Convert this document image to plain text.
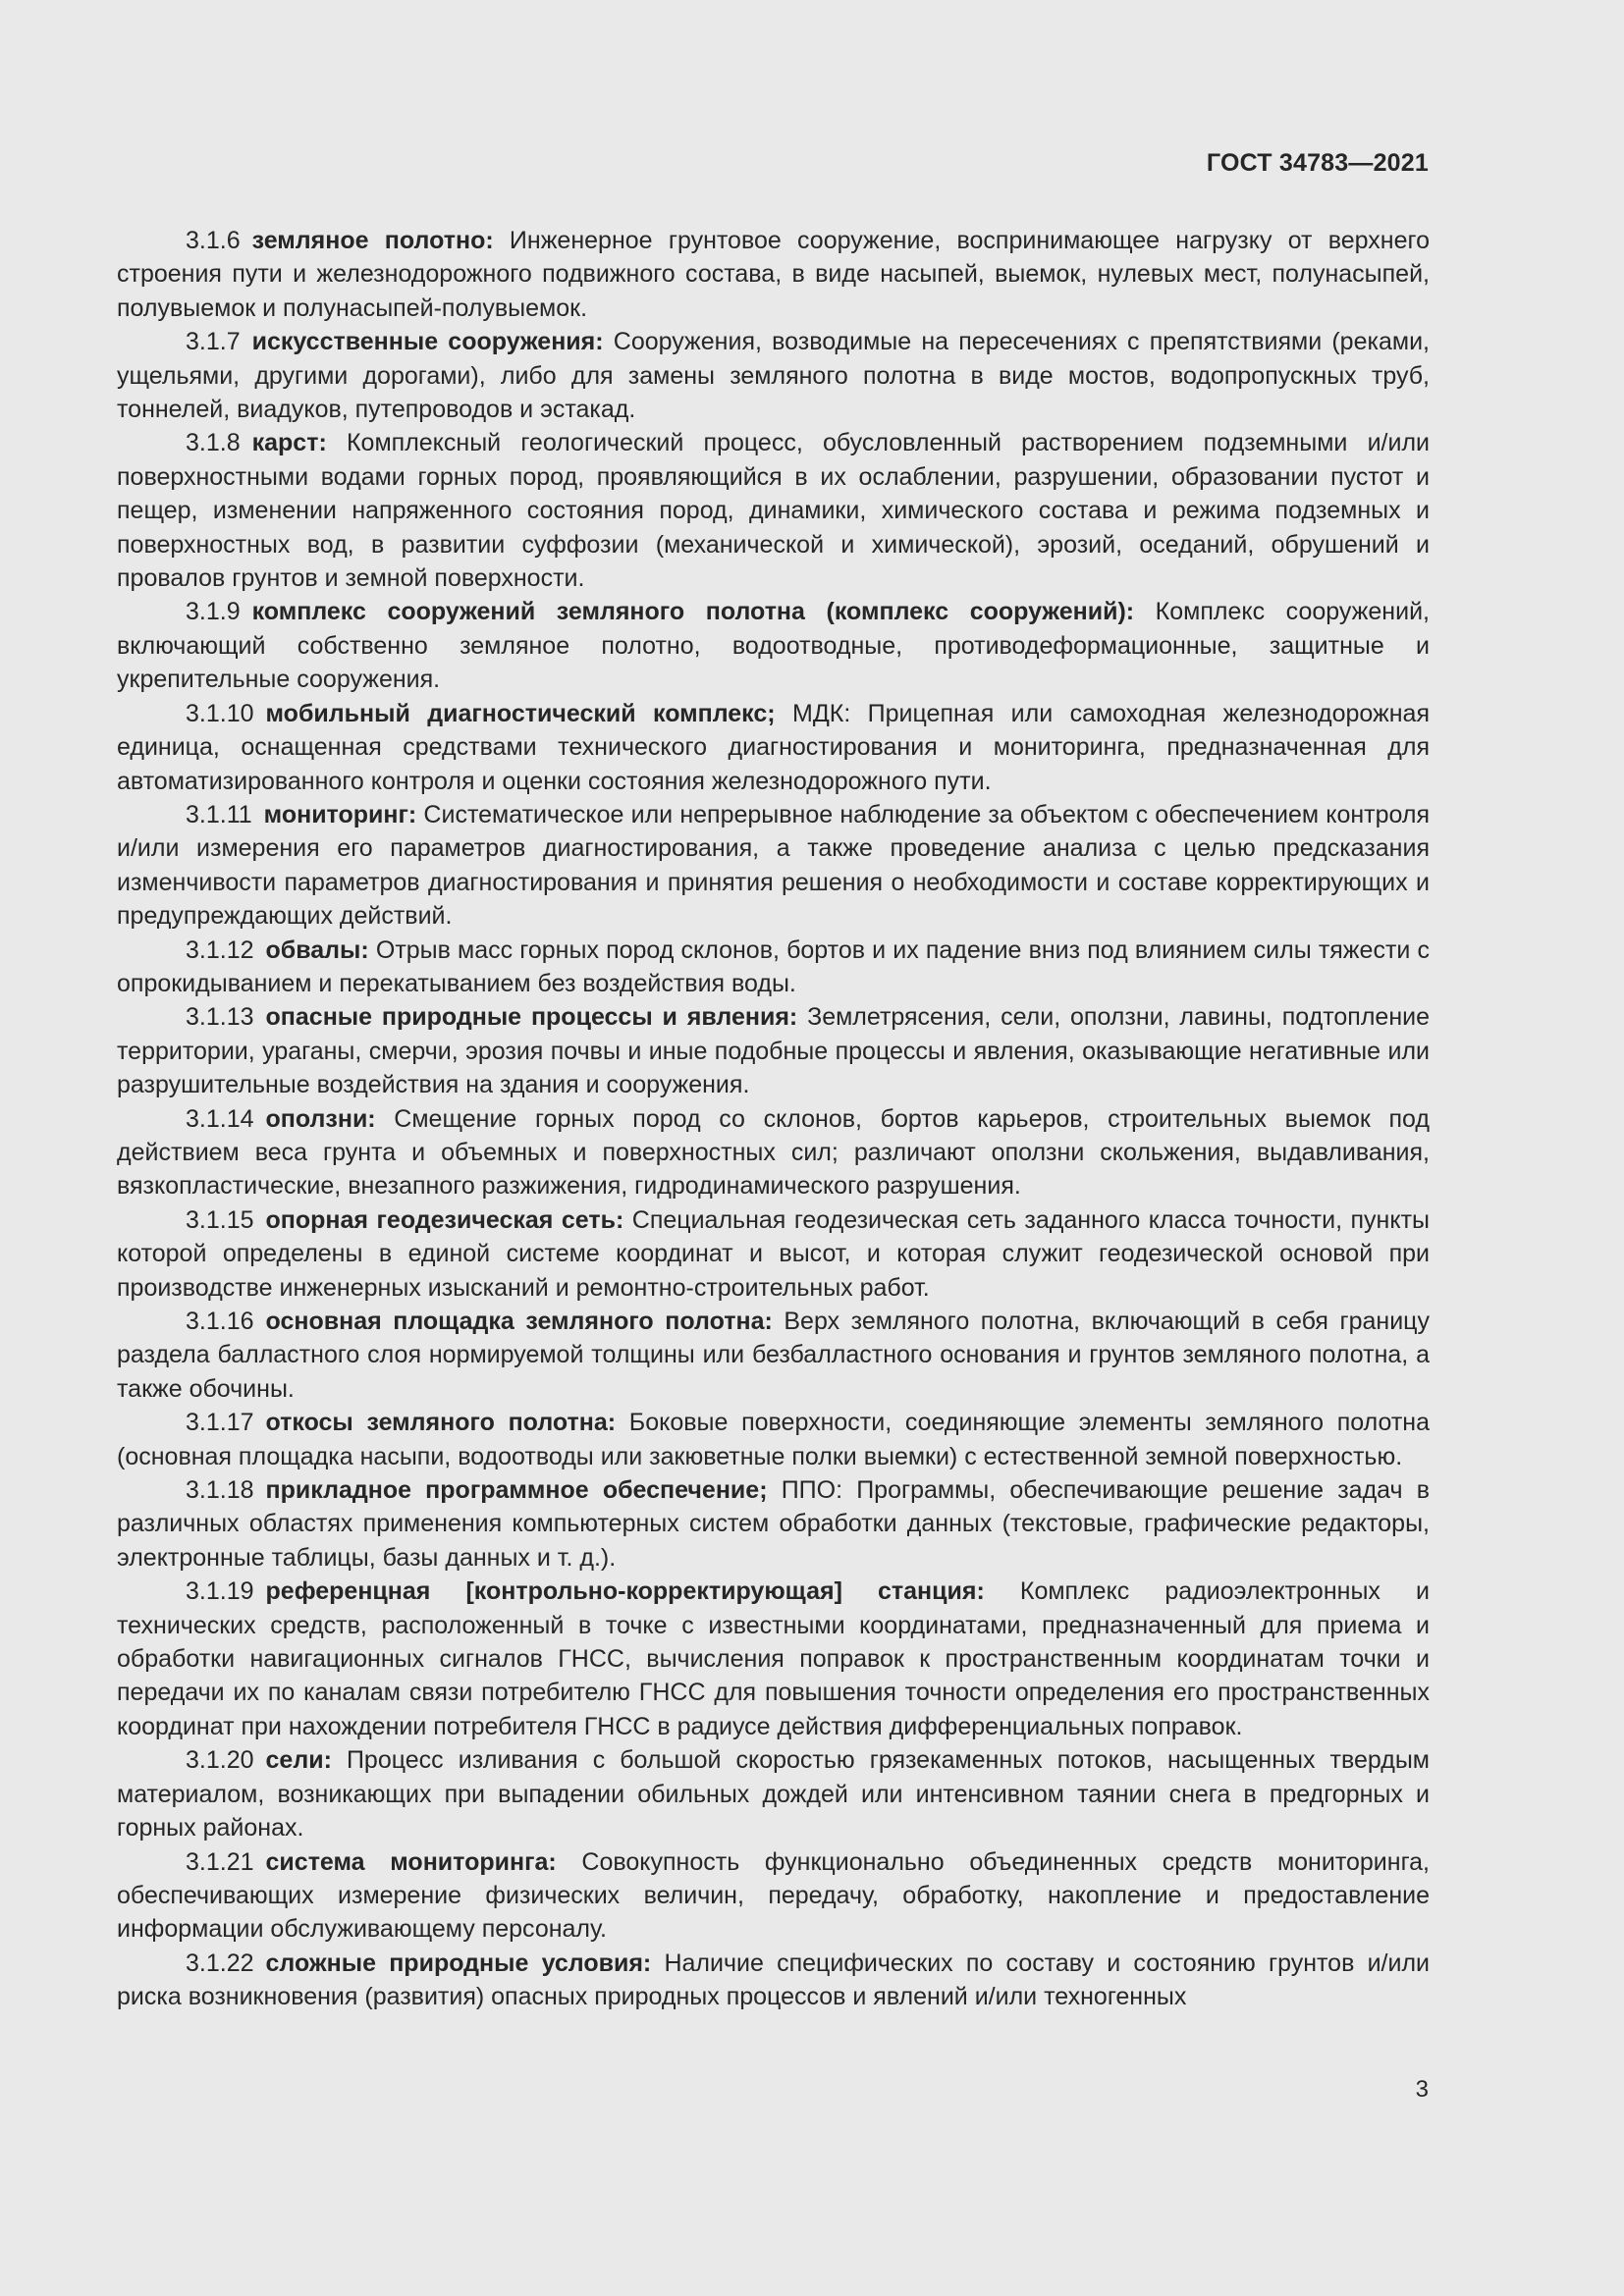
ГОСТ 34783—2021

3.1.6 земляное полотно: Инженерное грунтовое сооружение, воспринимающее нагрузку от верхнего строения пути и железнодорожного подвижного состава, в виде насыпей, выемок, нулевых мест, полунасыпей, полувыемок и полунасыпей-полувыемок.

3.1.7 искусственные сооружения: Сооружения, возводимые на пересечениях с препятствиями (реками, ущельями, другими дорогами), либо для замены земляного полотна в виде мостов, водопропускных труб, тоннелей, виадуков, путепроводов и эстакад.

3.1.8 карст: Комплексный геологический процесс, обусловленный растворением подземными и/или поверхностными водами горных пород, проявляющийся в их ослаблении, разрушении, образовании пустот и пещер, изменении напряженного состояния пород, динамики, химического состава и режима подземных и поверхностных вод, в развитии суффозии (механической и химической), эрозий, оседаний, обрушений и провалов грунтов и земной поверхности.

3.1.9 комплекс сооружений земляного полотна (комплекс сооружений): Комплекс сооружений, включающий собственно земляное полотно, водоотводные, противодеформационные, защитные и укрепительные сооружения.

3.1.10 мобильный диагностический комплекс; МДК: Прицепная или самоходная железнодорожная единица, оснащенная средствами технического диагностирования и мониторинга, предназначенная для автоматизированного контроля и оценки состояния железнодорожного пути.

3.1.11 мониторинг: Систематическое или непрерывное наблюдение за объектом с обеспечением контроля и/или измерения его параметров диагностирования, а также проведение анализа с целью предсказания изменчивости параметров диагностирования и принятия решения о необходимости и составе корректирующих и предупреждающих действий.

3.1.12 обвалы: Отрыв масс горных пород склонов, бортов и их падение вниз под влиянием силы тяжести с опрокидыванием и перекатыванием без воздействия воды.

3.1.13 опасные природные процессы и явления: Землетрясения, сели, оползни, лавины, подтопление территории, ураганы, смерчи, эрозия почвы и иные подобные процессы и явления, оказывающие негативные или разрушительные воздействия на здания и сооружения.

3.1.14 оползни: Смещение горных пород со склонов, бортов карьеров, строительных выемок под действием веса грунта и объемных и поверхностных сил; различают оползни скольжения, выдавливания, вязкопластические, внезапного разжижения, гидродинамического разрушения.

3.1.15 опорная геодезическая сеть: Специальная геодезическая сеть заданного класса точности, пункты которой определены в единой системе координат и высот, и которая служит геодезической основой при производстве инженерных изысканий и ремонтно-строительных работ.

3.1.16 основная площадка земляного полотна: Верх земляного полотна, включающий в себя границу раздела балластного слоя нормируемой толщины или безбалластного основания и грунтов земляного полотна, а также обочины.

3.1.17 откосы земляного полотна: Боковые поверхности, соединяющие элементы земляного полотна (основная площадка насыпи, водоотводы или закюветные полки выемки) с естественной земной поверхностью.

3.1.18 прикладное программное обеспечение; ППО: Программы, обеспечивающие решение задач в различных областях применения компьютерных систем обработки данных (текстовые, графические редакторы, электронные таблицы, базы данных и т. д.).

3.1.19 референцная [контрольно-корректирующая] станция: Комплекс радиоэлектронных и технических средств, расположенный в точке с известными координатами, предназначенный для приема и обработки навигационных сигналов ГНСС, вычисления поправок к пространственным координатам точки и передачи их по каналам связи потребителю ГНСС для повышения точности определения его пространственных координат при нахождении потребителя ГНСС в радиусе действия дифференциальных поправок.

3.1.20 сели: Процесс изливания с большой скоростью грязекаменных потоков, насыщенных твердым материалом, возникающих при выпадении обильных дождей или интенсивном таянии снега в предгорных и горных районах.

3.1.21 система мониторинга: Совокупность функционально объединенных средств мониторинга, обеспечивающих измерение физических величин, передачу, обработку, накопление и предоставление информации обслуживающему персоналу.

3.1.22 сложные природные условия: Наличие специфических по составу и состоянию грунтов и/или риска возникновения (развития) опасных природных процессов и явлений и/или техногенных

3
